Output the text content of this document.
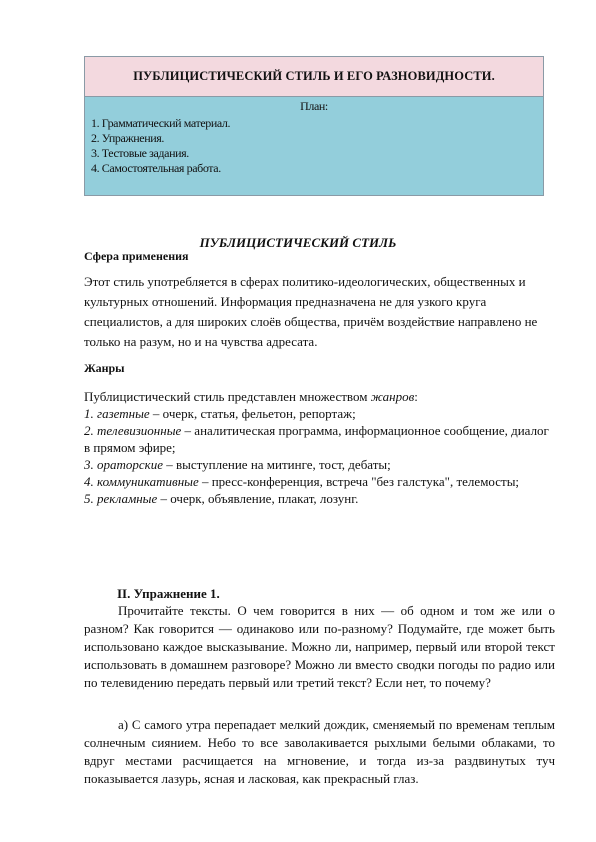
ПУБЛИЦИСТИЧЕСКИЙ СТИЛЬ И ЕГО РАЗНОВИДНОСТИ.
План:
1. Грамматический материал.
2. Упражнения.
3. Тестовые задания.
4. Самостоятельная работа.
ПУБЛИЦИСТИЧЕСКИЙ СТИЛЬ
Сфера применения
Этот стиль употребляется в сферах политико-идеологических, общественных и культурных отношений. Информация предназначена не для узкого круга специалистов, а для широких слоёв общества, причём воздействие направлено не только на разум, но и на чувства адресата.
Жанры
Публицистический стиль представлен множеством жанров:
1. газетные – очерк, статья, фельетон, репортаж;
2. телевизионные – аналитическая программа, информационное сообщение, диалог в прямом эфире;
3. ораторские – выступление на митинге, тост, дебаты;
4. коммуникативные – пресс-конференция, встреча "без галстука", телемосты;
5. рекламные – очерк, объявление, плакат, лозунг.
II. Упражнение 1.
Прочитайте тексты. О чем говорится в них — об одном и том же или о разном? Как говорится — одинаково или по-разному? Подумайте, где может быть использовано каждое высказывание. Можно ли, например, первый или второй текст использовать в домашнем разговоре? Можно ли вместо сводки погоды по радио или по телевидению передать первый или третий текст? Если нет, то почему?
а) С самого утра перепадает мелкий дождик, сменяемый по временам теплым солнечным сиянием. Небо то все заволакивается рыхлыми белыми облаками, то вдруг местами расчищается на мгновение, и тогда из-за раздвинутых туч показывается лазурь, ясная и ласковая, как прекрасный глаз.
